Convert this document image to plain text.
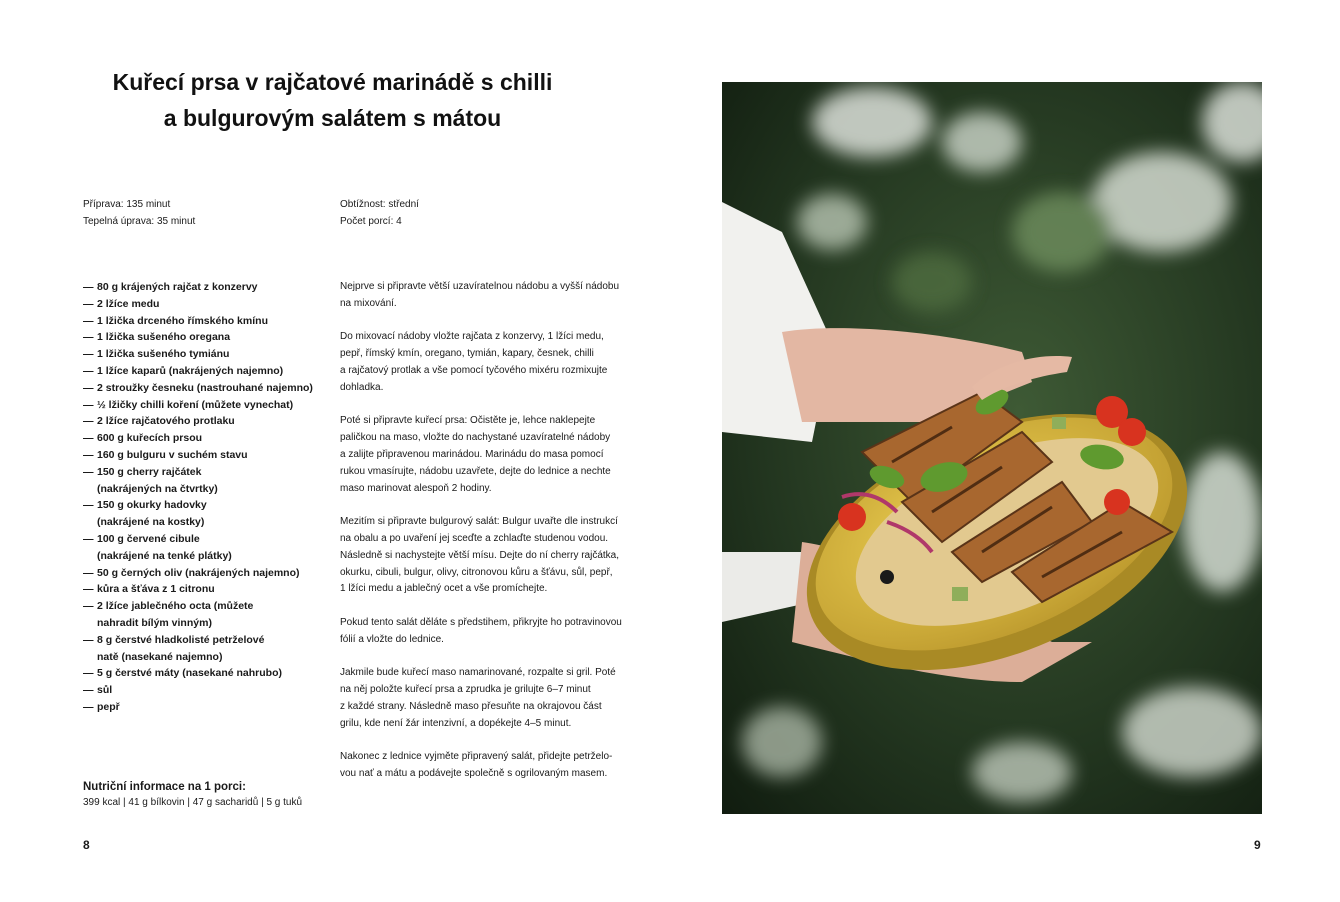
Kuřecí prsa v rajčatové marinádě s chilli
a bulgurovým salátem s mátou
Příprava: 135 minut
Tepelná úprava: 35 minut
Obtížnost: střední
Počet porcí: 4
— 80 g krájených rajčat z konzervy
— 2 lžíce medu
— 1 lžička drceného římského kmínu
— 1 lžička sušeného oregana
— 1 lžička sušeného tymiánu
— 1 lžíce kaparů (nakrájených najemno)
— 2 stroužky česneku (nastrouhané najemno)
— ½ lžičky chilli koření (můžete vynechat)
— 2 lžíce rajčatového protlaku
— 600 g kuřecích prsou
— 160 g bulguru v suchém stavu
— 150 g cherry rajčátek
(nakrájených na čtvrtky)
— 150 g okurky hadovky
(nakrájené na kostky)
— 100 g červené cibule
(nakrájené na tenké plátky)
— 50 g černých oliv (nakrájených najemno)
— kůra a šťáva z 1 citronu
— 2 lžíce jablečného octa (můžete
nahradit bílým vinným)
— 8 g čerstvé hladkolisté petrželové
natě (nasekané najemno)
— 5 g čerstvé máty (nasekané nahrubo)
— sůl
— pepř

Nejprve si připravte větší uzavíratelnou nádobu a vyšší nádobu
na mixování.

Do mixovací nádoby vložte rajčata z konzervy, 1 lžíci medu,
pepř, římský kmín, oregano, tymián, kapary, česnek, chilli
a rajčatový protlak a vše pomocí tyčového mixéru rozmixujte
dohladka.

Poté si připravte kuřecí prsa: Očistěte je, lehce naklepejte
paličkou na maso, vložte do nachystané uzavíratelné nádoby
a zalijte připravenou marinádou. Marinádu do masa pomocí
rukou vmasírujte, nádobu uzavřete, dejte do lednice a nechte
maso marinovat alespoň 2 hodiny.

Mezitím si připravte bulgurový salát: Bulgur uvařte dle instrukcí
na obalu a po uvaření jej sceďte a zchlaďte studenou vodou.
Následně si nachystejte větší mísu. Dejte do ní cherry rajčátka,
okurku, cibuli, bulgur, olivy, citronovou kůru a šťávu, sůl, pepř,
1 lžíci medu a jablečný ocet a vše promíchejte.

Pokud tento salát děláte s předstihem, přikryjte ho potravinovou
fólií a vložte do lednice.

Jakmile bude kuřecí maso namarinované, rozpalte si gril. Poté
na něj položte kuřecí prsa a zprudka je grilujte 6–7 minut
z každé strany. Následně maso přesuňte na okrajovou část
grilu, kde není žár intenzivní, a dopékejte 4–5 minut.

Nakonec z lednice vyjměte připravený salát, přidejte petrželo-
vou nať a mátu a podávejte společně s ogrilovaným masem.

Nutriční informace na 1 porci:
399 kcal | 41 g bílkovin | 47 g sacharidů | 5 g tuků
8	9
